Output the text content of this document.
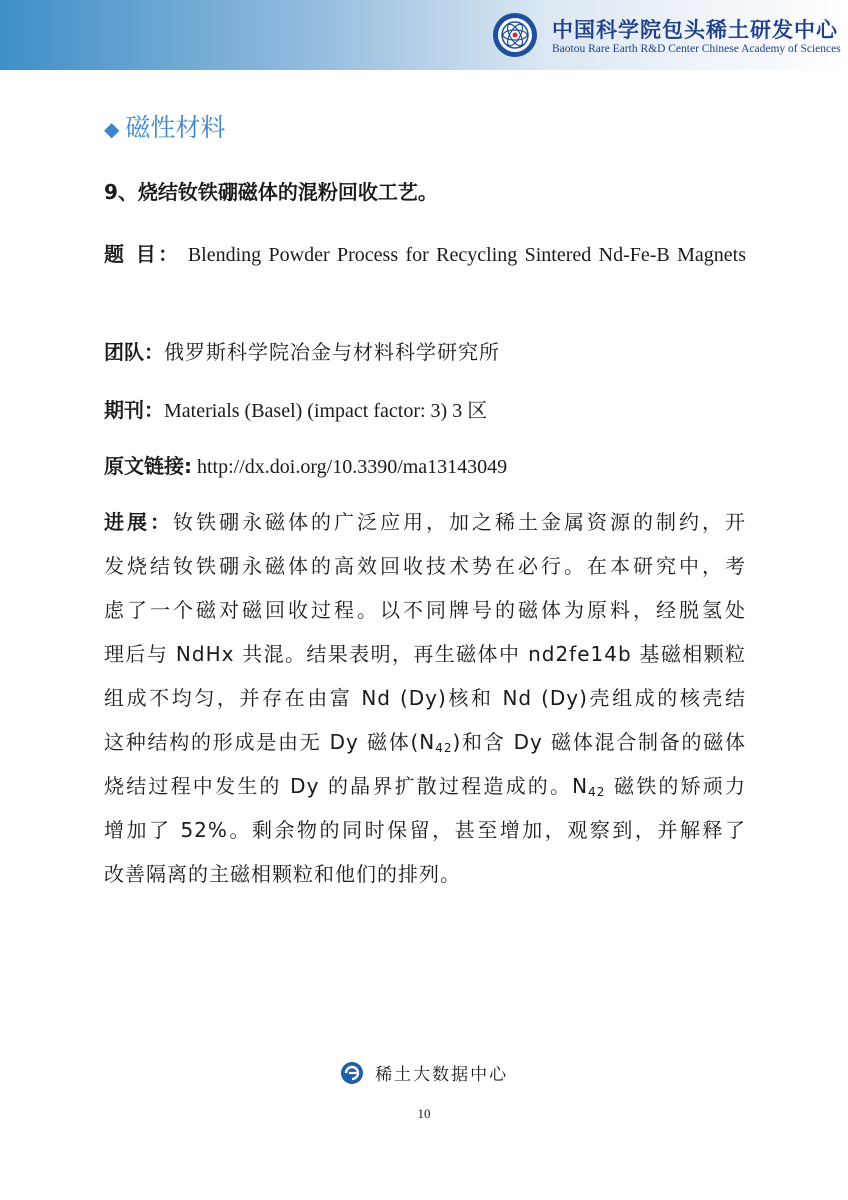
中国科学院包头稀土研发中心
Baotou Rare Earth R&D Center Chinese Academy of Sciences
◆ 磁性材料
9、烧结钕铁硼磁体的混粉回收工艺。
题 目： Blending Powder Process for Recycling Sintered Nd-Fe-B Magnets
团队：俄罗斯科学院冶金与材料科学研究所
期刊：Materials (Basel) (impact factor: 3) 3 区
原文链接: http://dx.doi.org/10.3390/ma13143049
进展：钕铁硼永磁体的广泛应用，加之稀土金属资源的制约，开
发烧结钕铁硼永磁体的高效回收技术势在必行。在本研究中，考
虑了一个磁对磁回收过程。以不同牌号的磁体为原料，经脱氢处
理后与 NdHx 共混。结果表明，再生磁体中 nd2fe14b 基磁相颗粒
组成不均匀，并存在由富 Nd (Dy)核和 Nd (Dy)壳组成的核壳结
这种结构的形成是由无 Dy 磁体$(N_{42})$和含 Dy 磁体混合制备的磁体
烧结过程中发生的 Dy 的晶界扩散过程造成的。$N_{42}$ 磁铁的矫顽力
增加了 52%。剩余物的同时保留，甚至增加，观察到，并解释了
改善隔离的主磁相颗粒和他们的排列。
稀土大数据中心
10
